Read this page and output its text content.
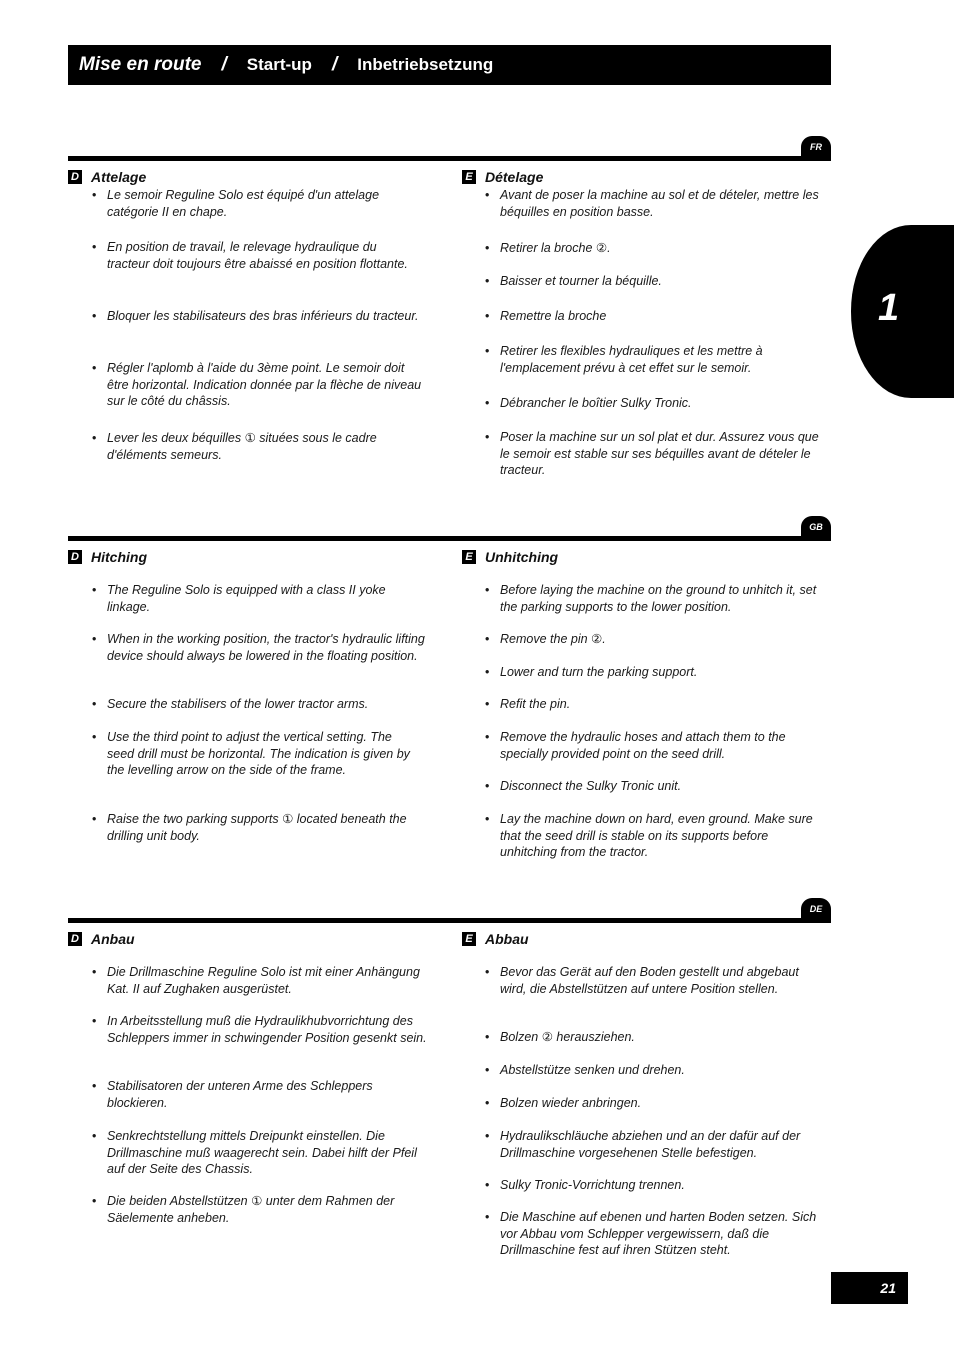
Mise en route / Start-up / Inbetriebsetzung
1
FR
D Attelage
• Le semoir Reguline Solo est équipé d'un attelage catégorie II en chape.
• En position de travail, le relevage hydraulique du tracteur doit toujours être abaissé en position flottante.
• Bloquer les stabilisateurs des bras inférieurs du tracteur.
• Régler l'aplomb à l'aide du 3ème point. Le semoir doit être horizontal. Indication donnée par la flèche de niveau sur le côté du châssis.
• Lever les deux béquilles ① situées sous le cadre d'éléments semeurs.
E Dételage
• Avant de poser la machine au sol et de dételer, mettre les béquilles en position basse.
• Retirer la broche ②.
• Baisser et tourner la béquille.
• Remettre la broche
• Retirer les flexibles hydrauliques et les mettre à l'emplacement prévu à cet effet sur le semoir.
• Débrancher le boîtier Sulky Tronic.
• Poser la machine sur un sol plat et dur. Assurez vous que le semoir est stable sur ses béquilles avant de dételer le tracteur.
GB
D Hitching
• The Reguline Solo is equipped with a class II yoke linkage.
• When in the working position, the tractor's hydraulic lifting device should always be lowered in the floating position.
• Secure the stabilisers of the lower tractor arms.
• Use the third point to adjust the vertical setting. The seed drill must be horizontal. The indication is given by the levelling arrow on the side of the frame.
• Raise the two parking supports ① located beneath the drilling unit body.
E Unhitching
• Before laying the machine on the ground to unhitch it, set the parking supports to the lower position.
• Remove the pin ②.
• Lower and turn the parking support.
• Refit the pin.
• Remove the hydraulic hoses and attach them to the specially provided point on the seed drill.
• Disconnect the Sulky Tronic unit.
• Lay the machine down on hard, even ground. Make sure that the seed drill is stable on its supports before unhitching from the tractor.
DE
D Anbau
• Die Drillmaschine Reguline Solo ist mit einer Anhängung Kat. II auf Zughaken ausgerüstet.
• In Arbeitsstellung muß die Hydraulikhubvorrichtung des Schleppers immer in schwingender Position gesenkt sein.
• Stabilisatoren der unteren Arme des Schleppers blockieren.
• Senkrechtstellung mittels Dreipunkt einstellen. Die Drillmaschine muß waagerecht sein. Dabei hilft der Pfeil auf der Seite des Chassis.
• Die beiden Abstellstützen ① unter dem Rahmen der Säelemente anheben.
E Abbau
• Bevor das Gerät auf den Boden gestellt und abgebaut wird, die Abstellstützen auf untere Position stellen.
• Bolzen ② herausziehen.
• Abstellstütze senken und drehen.
• Bolzen wieder anbringen.
• Hydraulikschläuche abziehen und an der dafür auf der Drillmaschine vorgesehenen Stelle befestigen.
• Sulky Tronic-Vorrichtung trennen.
• Die Maschine auf ebenen und harten Boden setzen. Sich vor Abbau vom Schlepper vergewissern, daß die Drillmaschine fest auf ihren Stützen steht.
21
